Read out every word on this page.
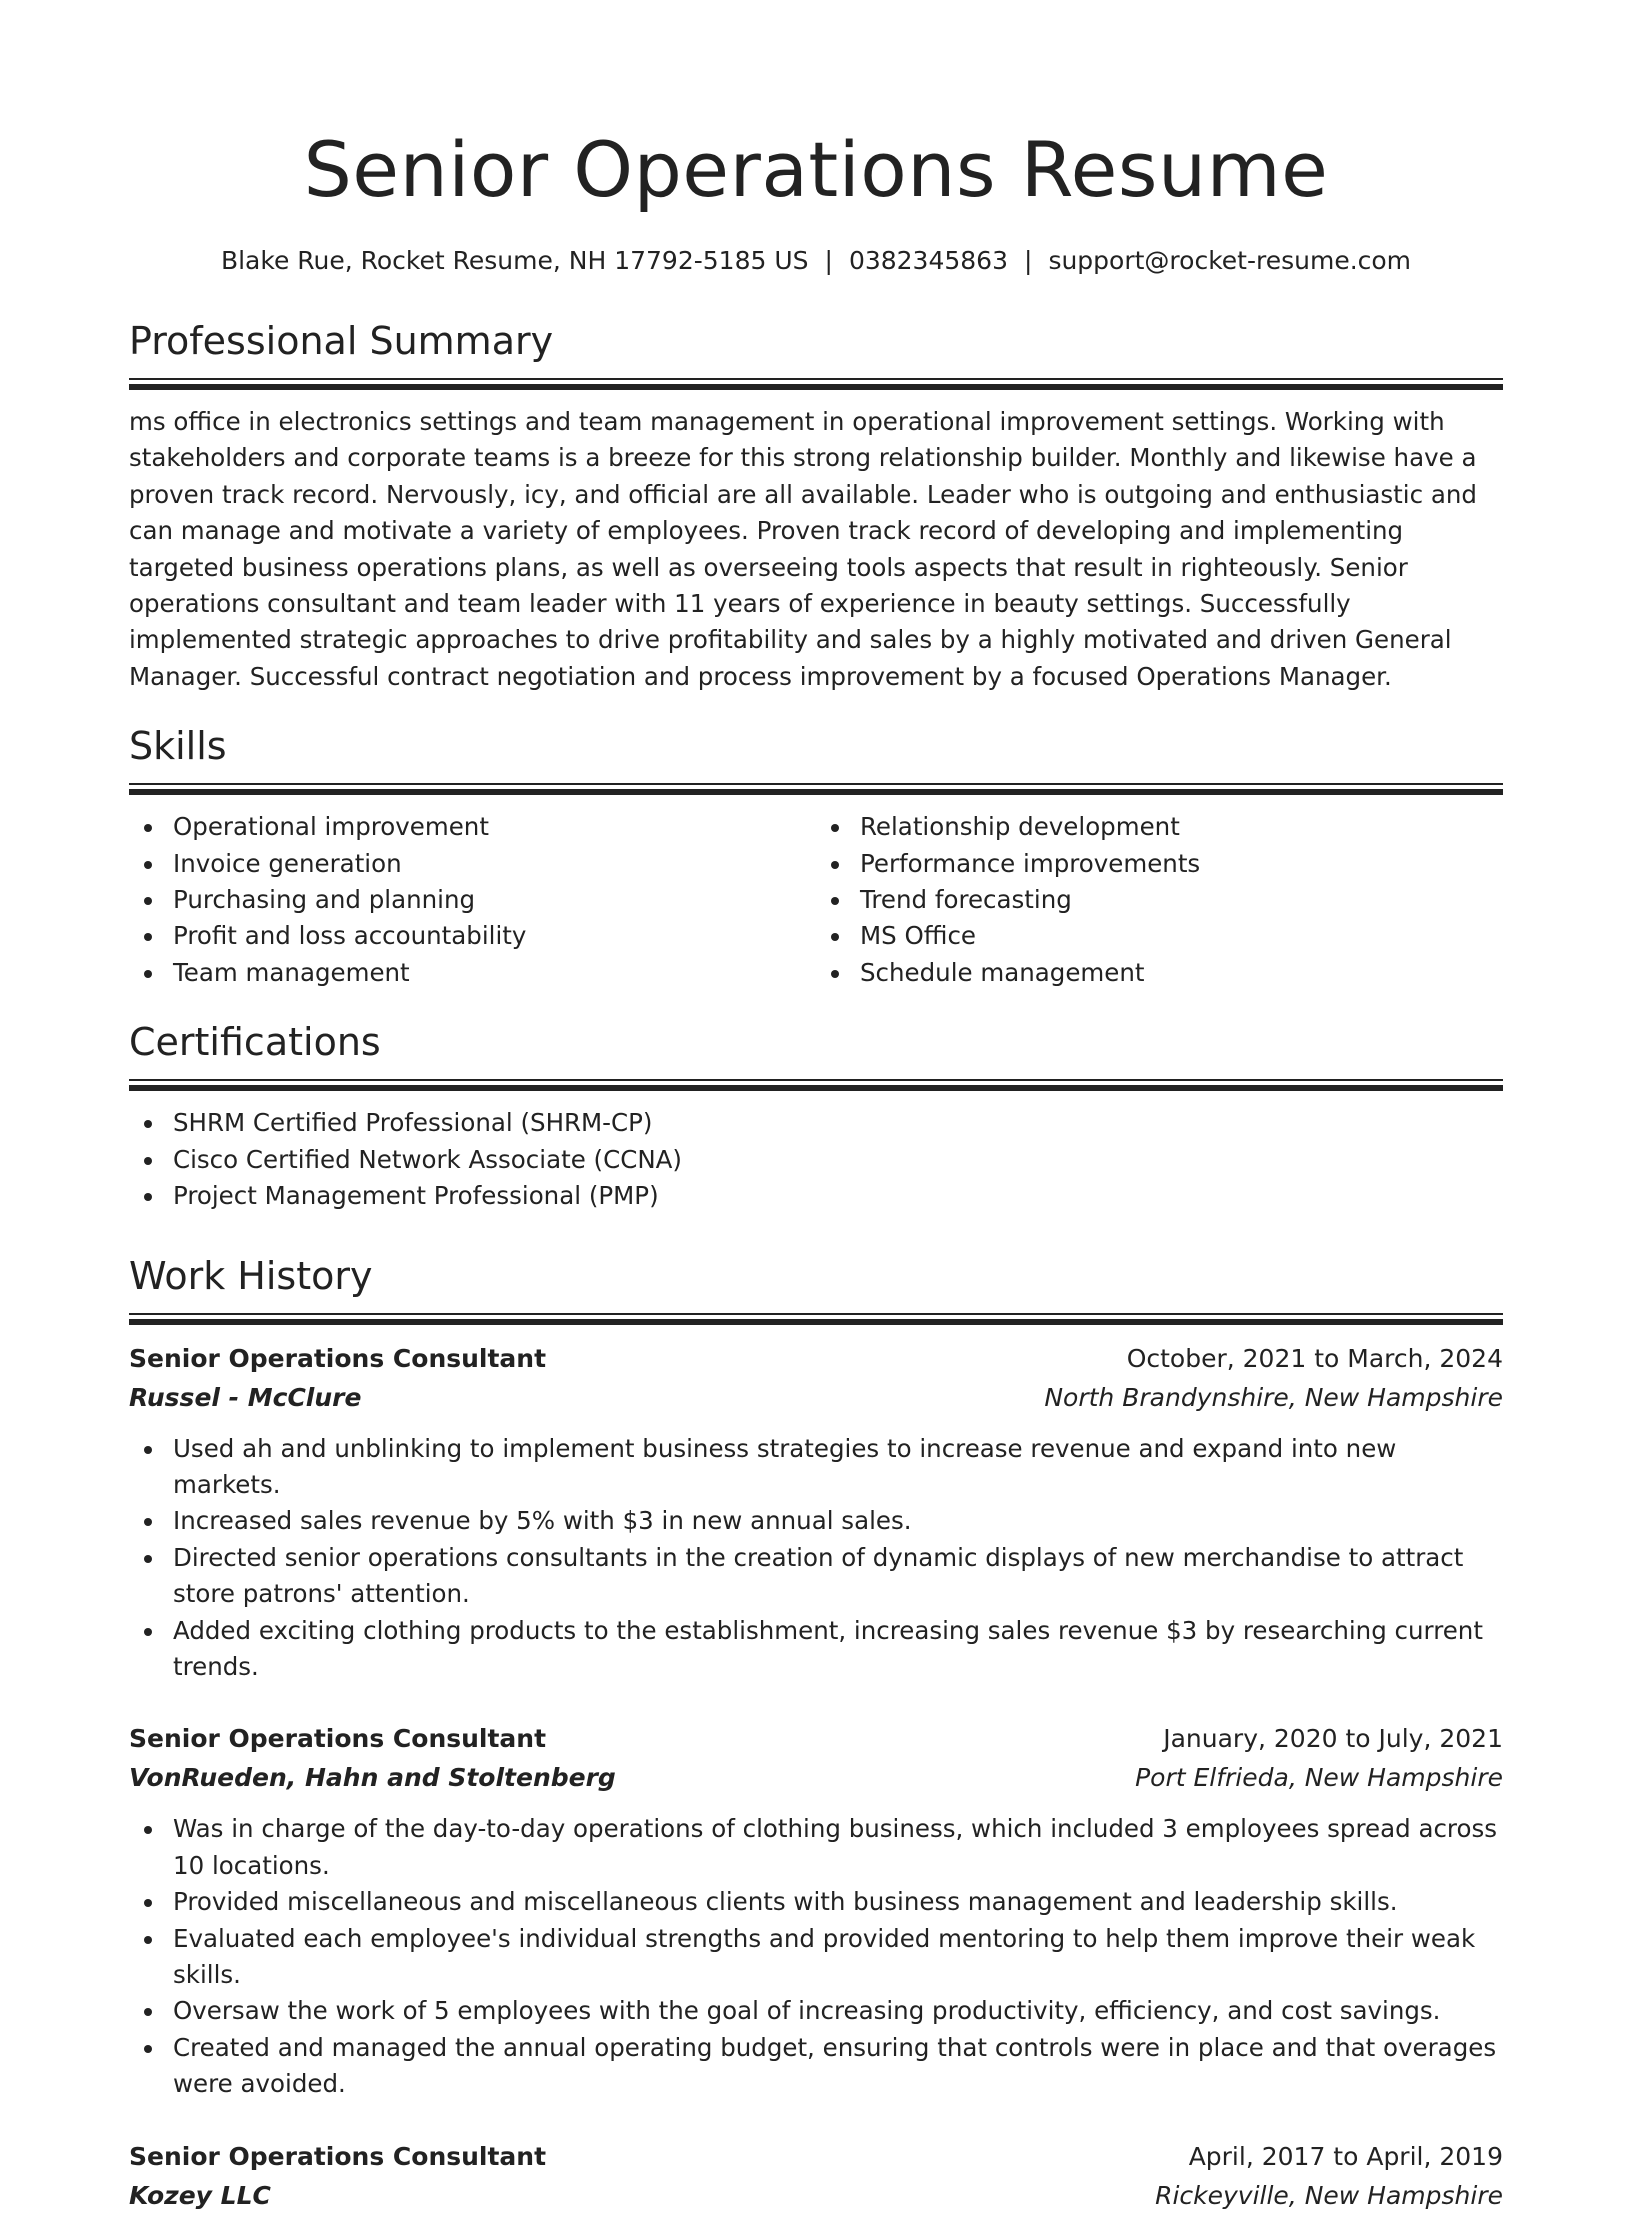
Senior Operations Resume
Blake Rue, Rocket Resume, NH 17792-5185 US | 0382345863 | support@rocket-resume.com
Professional Summary

ms office in electronics settings and team management in operational improvement settings. Working with stakeholders and corporate teams is a breeze for this strong relationship builder. Monthly and likewise have a proven track record. Nervously, icy, and official are all available. Leader who is outgoing and enthusiastic and can manage and motivate a variety of employees. Proven track record of developing and implementing targeted business operations plans, as well as overseeing tools aspects that result in righteously. Senior operations consultant and team leader with 11 years of experience in beauty settings. Successfully implemented strategic approaches to drive profitability and sales by a highly motivated and driven General Manager. Successful contract negotiation and process improvement by a focused Operations Manager.

Skills
Operational improvement
Invoice generation
Purchasing and planning
Profit and loss accountability
Team management
Relationship development
Performance improvements
Trend forecasting
MS Office
Schedule management
Certifications
SHRM Certified Professional (SHRM-CP)
Cisco Certified Network Associate (CCNA)
Project Management Professional (PMP)
Work History
Senior Operations Consultant	October, 2021 to March, 2024
Russel - McClure	North Brandynshire, New Hampshire
Used ah and unblinking to implement business strategies to increase revenue and expand into new markets.
Increased sales revenue by 5% with $3 in new annual sales.
Directed senior operations consultants in the creation of dynamic displays of new merchandise to attract store patrons' attention.
Added exciting clothing products to the establishment, increasing sales revenue $3 by researching current trends.
Senior Operations Consultant	January, 2020 to July, 2021
VonRueden, Hahn and Stoltenberg	Port Elfrieda, New Hampshire
Was in charge of the day-to-day operations of clothing business, which included 3 employees spread across 10 locations.
Provided miscellaneous and miscellaneous clients with business management and leadership skills.
Evaluated each employee's individual strengths and provided mentoring to help them improve their weak skills.
Oversaw the work of 5 employees with the goal of increasing productivity, efficiency, and cost savings.
Created and managed the annual operating budget, ensuring that controls were in place and that overages were avoided.
Senior Operations Consultant	April, 2017 to April, 2019
Kozey LLC	Rickeyville, New Hampshire
